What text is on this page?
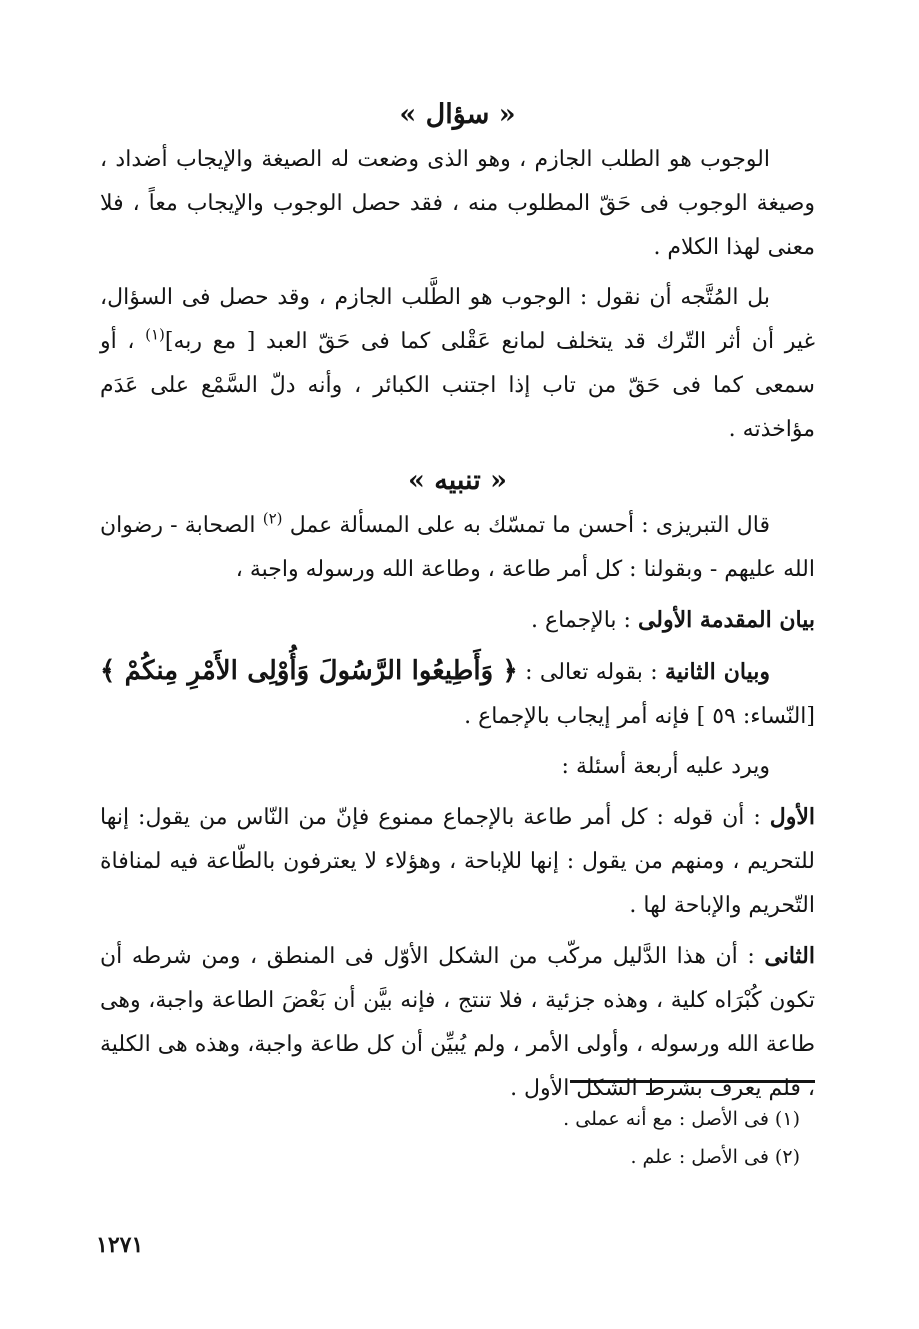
« سؤال »

الوجوب هو الطلب الجازم ، وهو الذى وضعت له الصيغة والإيجاب أضداد ، وصيغة الوجوب فى حَقّ المطلوب منه ، فقد حصل الوجوب والإيجاب معاً ، فلا معنى لهذا الكلام .

بل المُتَّجه أن نقول : الوجوب هو الطَّلب الجازم ، وقد حصل فى السؤال، غير أن أثر التّرك قد يتخلف لمانع عَقْلى كما فى حَقّ العبد [ مع ربه]$^{(١)}$ ، أو سمعى كما فى حَقّ من تاب إذا اجتنب الكبائر ، وأنه دلّ السَّمْع على عَدَم مؤاخذته .

« تنبيه »

قال التبريزى : أحسن ما تمسّك به على المسألة عمل $^{(٢)}$ الصحابة - رضوان الله عليهم - وبقولنا : كل أمر طاعة ، وطاعة الله ورسوله واجبة ،

بيان المقدمة الأولى : بالإجماع .

وبيان الثانية : بقوله تعالى : ﴿ وَأَطِيعُوا الرَّسُولَ وَأُوْلِى الأَمْرِ مِنكُمْ ﴾ [النّساء: ٥٩ ] فإنه أمر إيجاب بالإجماع .

ويرد عليه أربعة أسئلة :

الأول : أن قوله : كل أمر طاعة بالإجماع ممنوع فإنّ من النّاس من يقول: إنها للتحريم ، ومنهم من يقول : إنها للإباحة ، وهؤلاء لا يعترفون بالطّاعة فيه لمنافاة التّحريم والإباحة لها .

الثانى : أن هذا الدَّليل مركّب من الشكل الأوّل فى المنطق ، ومن شرطه أن تكون كُبْرَاه كلية ، وهذه جزئية ، فلا تنتج ، فإنه بيَّن أن بَعْضَ الطاعة واجبة، وهى طاعة الله ورسوله ، وأولى الأمر ، ولم يُبيِّن أن كل طاعة واجبة، وهذه هى الكلية ، فلم يعرف بشرط الشكل الأول .

(١) فى الأصل : مع أنه عملى .
(٢) فى الأصل : علم .
١٢٧١
